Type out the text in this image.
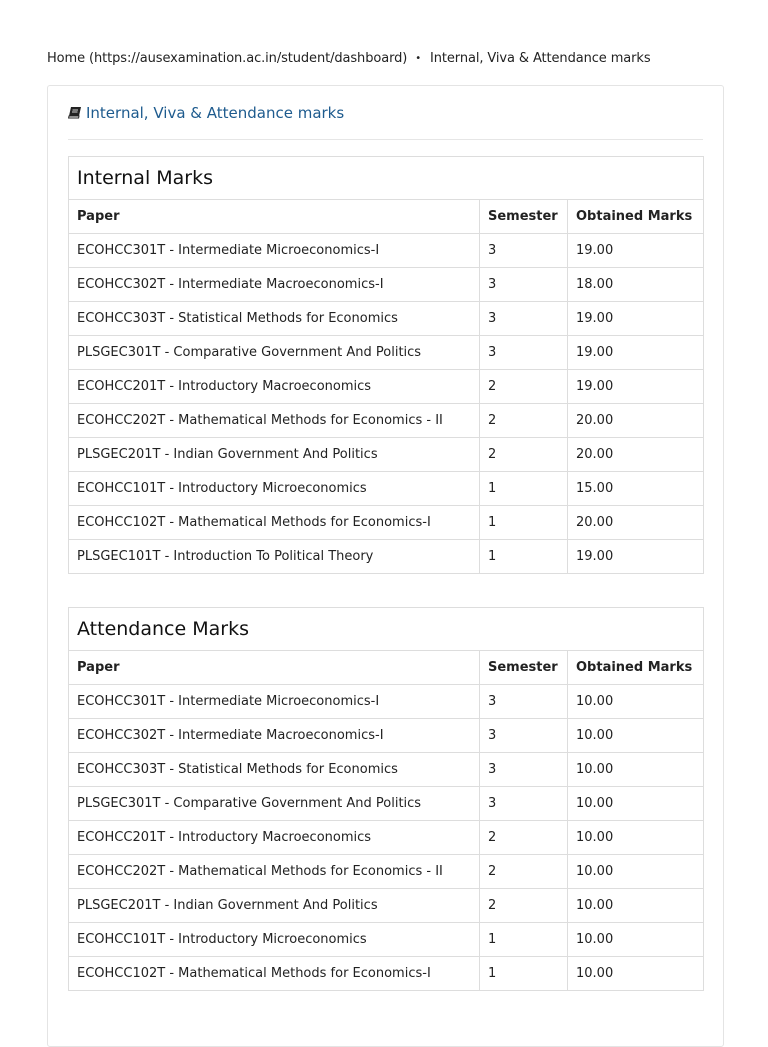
Home (https://ausexamination.ac.in/student/dashboard) • Internal, Viva & Attendance marks
Internal, Viva & Attendance marks
Internal Marks		
Paper	Semester	Obtained Marks
ECOHCC301T - Intermediate Microeconomics-I	3	19.00
ECOHCC302T - Intermediate Macroeconomics-I	3	18.00
ECOHCC303T - Statistical Methods for Economics	3	19.00
PLSGEC301T - Comparative Government And Politics	3	19.00
ECOHCC201T - Introductory Macroeconomics	2	19.00
ECOHCC202T - Mathematical Methods for Economics - II	2	20.00
PLSGEC201T - Indian Government And Politics	2	20.00
ECOHCC101T - Introductory Microeconomics	1	15.00
ECOHCC102T - Mathematical Methods for Economics-I	1	20.00
PLSGEC101T - Introduction To Political Theory	1	19.00
Attendance Marks		
Paper	Semester	Obtained Marks
ECOHCC301T - Intermediate Microeconomics-I	3	10.00
ECOHCC302T - Intermediate Macroeconomics-I	3	10.00
ECOHCC303T - Statistical Methods for Economics	3	10.00
PLSGEC301T - Comparative Government And Politics	3	10.00
ECOHCC201T - Introductory Macroeconomics	2	10.00
ECOHCC202T - Mathematical Methods for Economics - II	2	10.00
PLSGEC201T - Indian Government And Politics	2	10.00
ECOHCC101T - Introductory Microeconomics	1	10.00
ECOHCC102T - Mathematical Methods for Economics-I	1	10.00
